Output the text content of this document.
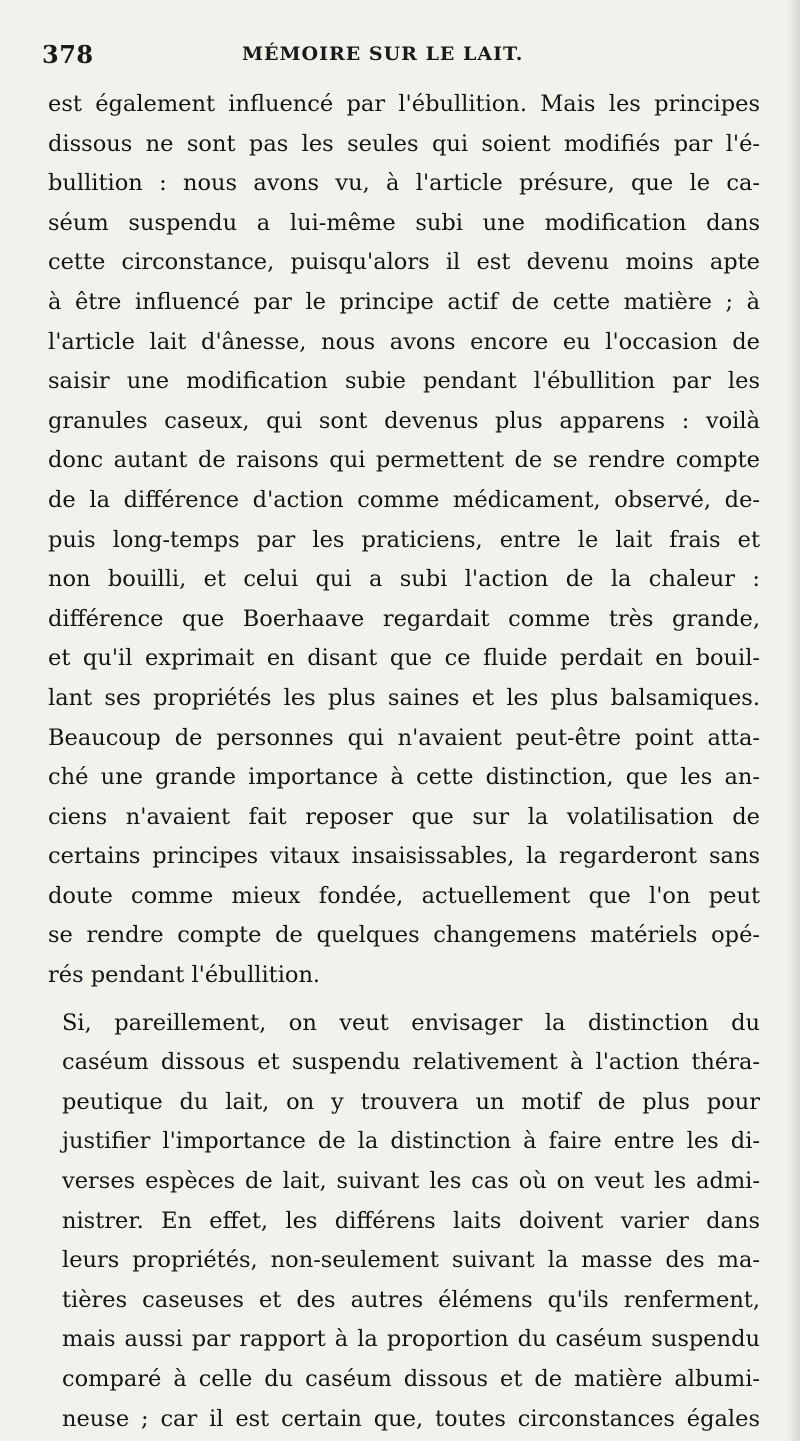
378	MÉMOIRE SUR LE LAIT.
est également influencé par l'ébullition. Mais les principes
dissous ne sont pas les seules qui soient modifiés par l'é-
bullition : nous avons vu, à l'article présure, que le ca-
séum suspendu a lui-même subi une modification dans
cette circonstance, puisqu'alors il est devenu moins apte
à être influencé par le principe actif de cette matière ; à
l'article lait d'ânesse, nous avons encore eu l'occasion de
saisir une modification subie pendant l'ébullition par les
granules caseux, qui sont devenus plus apparens : voilà
donc autant de raisons qui permettent de se rendre compte
de la différence d'action comme médicament, observé, de-
puis long-temps par les praticiens, entre le lait frais et
non bouilli, et celui qui a subi l'action de la chaleur :
différence que Boerhaave regardait comme très grande,
et qu'il exprimait en disant que ce fluide perdait en bouil-
lant ses propriétés les plus saines et les plus balsamiques.
Beaucoup de personnes qui n'avaient peut-être point atta-
ché une grande importance à cette distinction, que les an-
ciens n'avaient fait reposer que sur la volatilisation de
certains principes vitaux insaisissables, la regarderont sans
doute comme mieux fondée, actuellement que l'on peut
se rendre compte de quelques changemens matériels opé-
rés pendant l'ébullition.
Si, pareillement, on veut envisager la distinction du
caséum dissous et suspendu relativement à l'action théra-
peutique du lait, on y trouvera un motif de plus pour
justifier l'importance de la distinction à faire entre les di-
verses espèces de lait, suivant les cas où on veut les admi-
nistrer. En effet, les différens laits doivent varier dans
leurs propriétés, non-seulement suivant la masse des ma-
tières caseuses et des autres élémens qu'ils renferment,
mais aussi par rapport à la proportion du caséum suspendu
comparé à celle du caséum dissous et de matière albumi-
neuse ; car il est certain que, toutes circonstances égales
